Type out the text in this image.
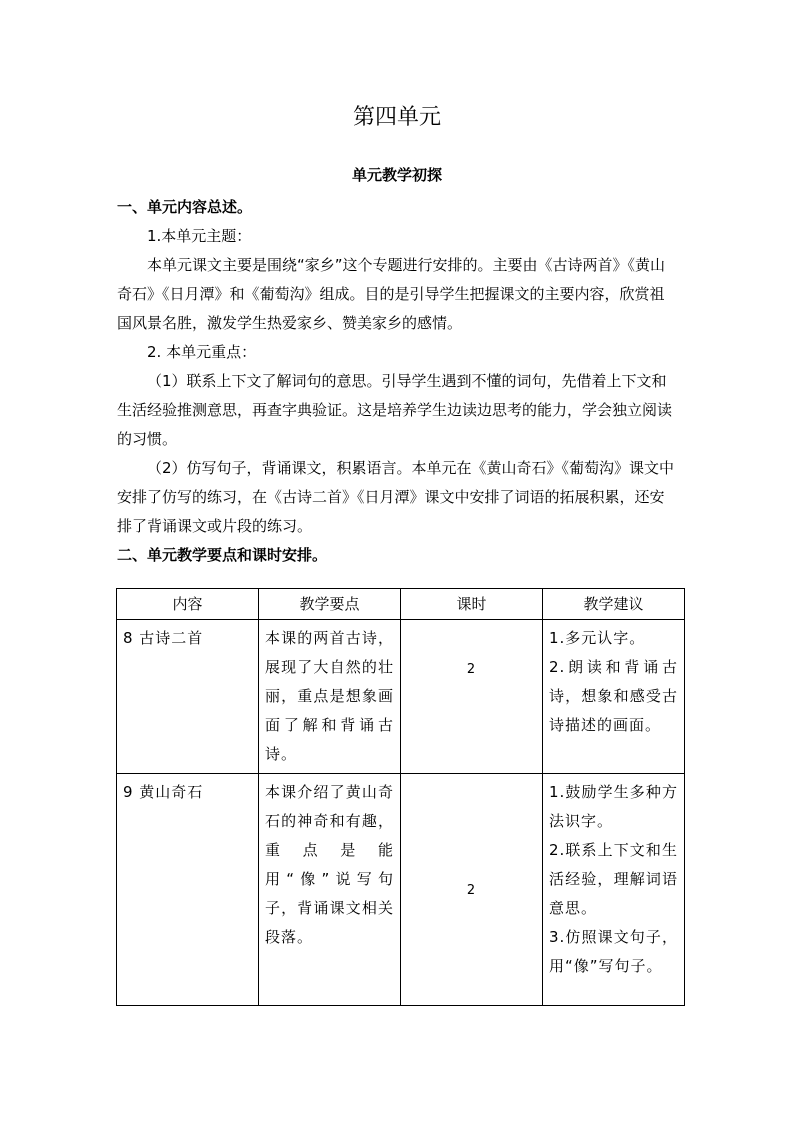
第四单元
单元教学初探

一、单元内容总述。

1.本单元主题：

本单元课文主要是围绕“家乡”这个专题进行安排的。主要由《古诗两首》《黄山奇石》《日月潭》和《葡萄沟》组成。目的是引导学生把握课文的主要内容，欣赏祖国风景名胜，激发学生热爱家乡、赞美家乡的感情。

2. 本单元重点：

（1）联系上下文了解词句的意思。引导学生遇到不懂的词句，先借着上下文和生活经验推测意思，再查字典验证。这是培养学生边读边思考的能力，学会独立阅读的习惯。

（2）仿写句子，背诵课文，积累语言。本单元在《黄山奇石》《葡萄沟》课文中安排了仿写的练习，在《古诗二首》《日月潭》课文中安排了词语的拓展积累，还安排了背诵课文或片段的练习。

二、单元教学要点和课时安排。

内容	教学要点	课时	教学建议

8 古诗二首	本课的两首古诗，展现了大自然的壮丽，重点是想象画面了解和背诵古诗。	2	1.多元认字。
2.朗读和背诵古诗，想象和感受古诗描述的画面。

9 黄山奇石	本课介绍了黄山奇石的神奇和有趣，重点是能用“像”说写句子，背诵课文相关段落。	2	1.鼓励学生多种方法识字。
2.联系上下文和生活经验，理解词语意思。
3.仿照课文句子，用“像”写句子。
